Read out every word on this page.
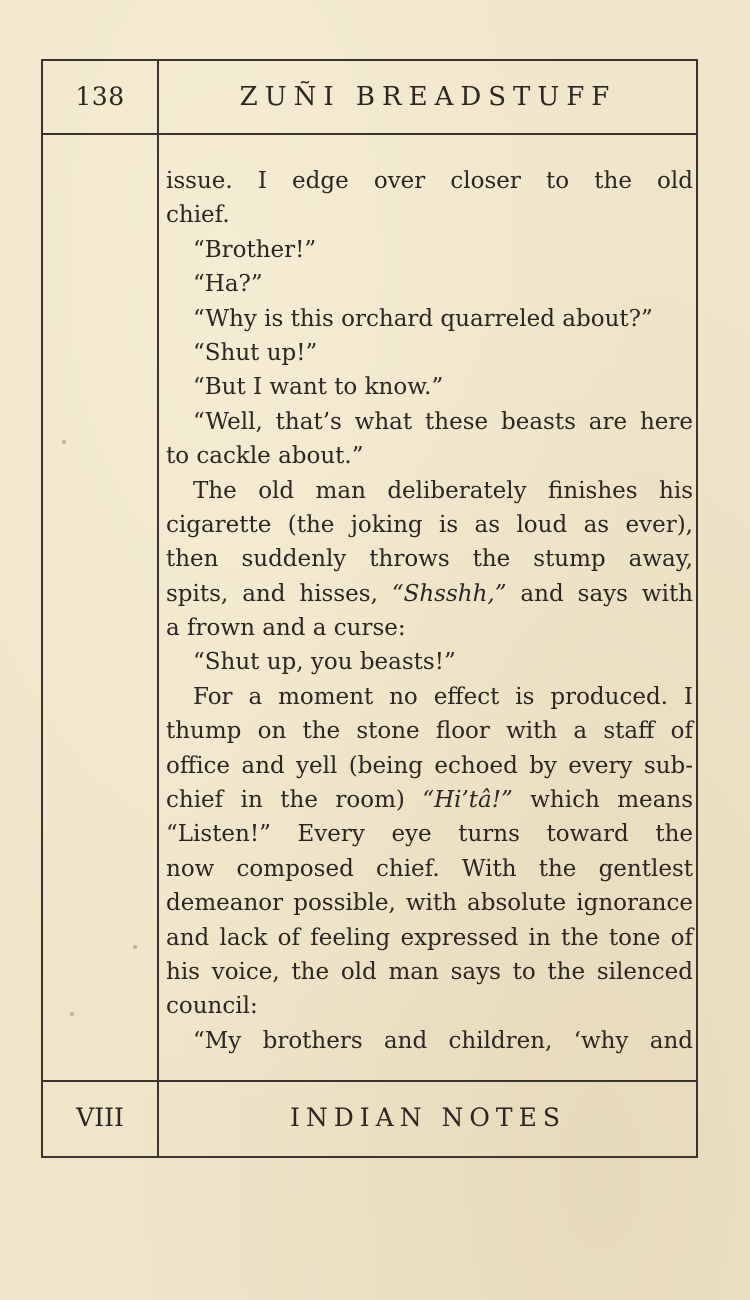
138	ZUÑI BREADSTUFF
issue. I edge over closer to the old
chief.
“Brother!”
“Ha?”
“Why is this orchard quarreled about?”
“Shut up!”
“But I want to know.”
“Well, that’s what these beasts are here
to cackle about.”
The old man deliberately finishes his
cigarette (the joking is as loud as ever),
then suddenly throws the stump away,
spits, and hisses, “Shsshh,” and says with
a frown and a curse:
“Shut up, you beasts!”
For a moment no effect is produced. I
thump on the stone floor with a staff of
office and yell (being echoed by every sub-
chief in the room) “Hi’tâ!” which means
“Listen!” Every eye turns toward the
now composed chief. With the gentlest
demeanor possible, with absolute ignorance
and lack of feeling expressed in the tone of
his voice, the old man says to the silenced
council:
“My brothers and children, ‘why and
VIII	INDIAN NOTES
